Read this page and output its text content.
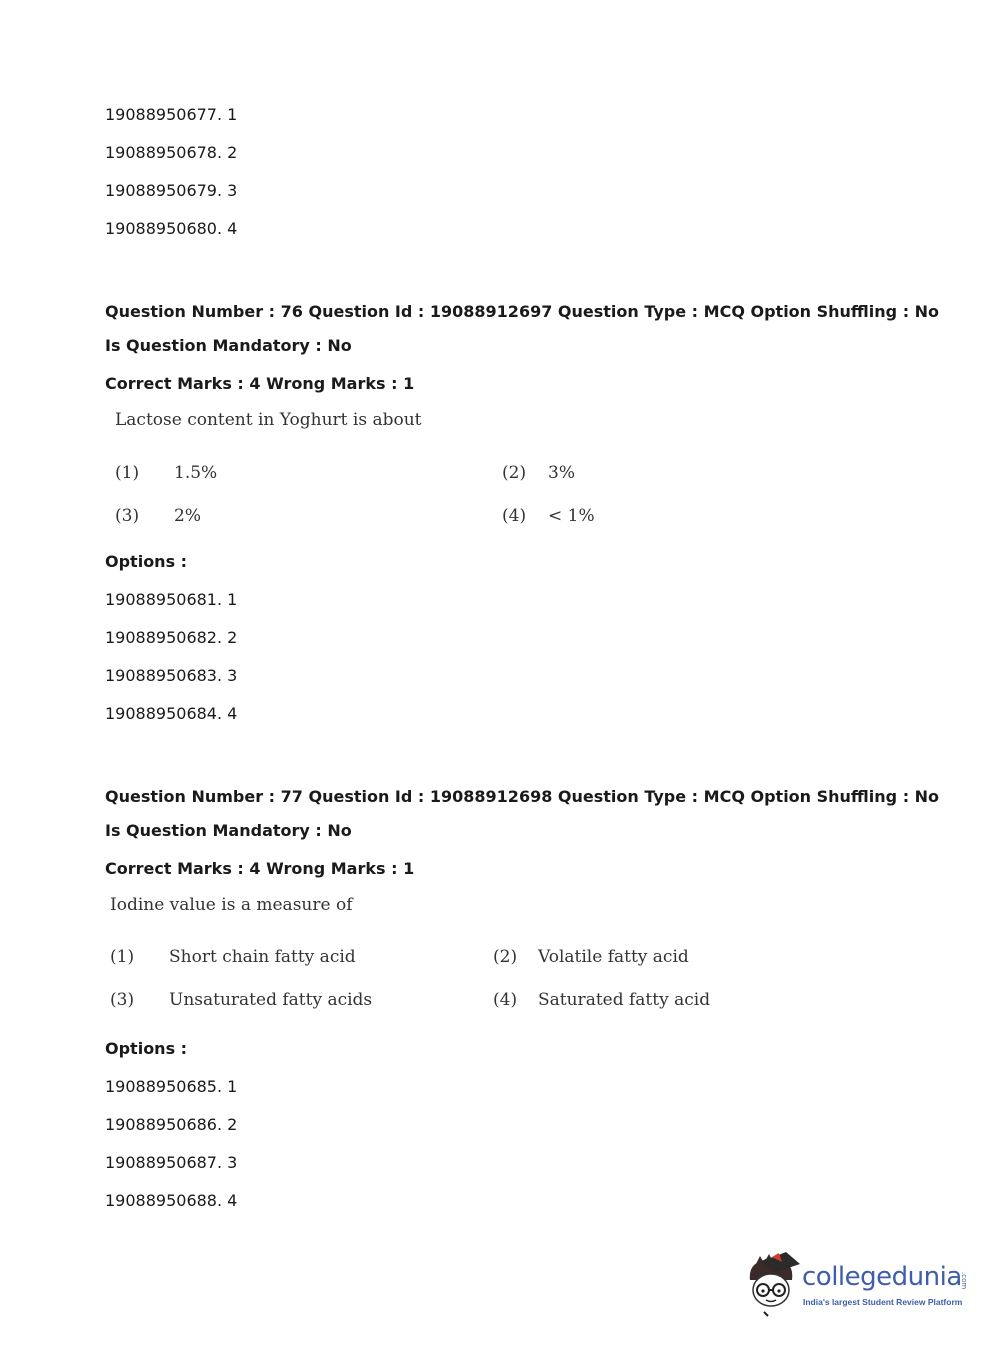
19088950677. 1
19088950678. 2
19088950679. 3
19088950680. 4
Question Number : 76 Question Id : 19088912697 Question Type : MCQ Option Shuffling : No
Is Question Mandatory : No
Correct Marks : 4 Wrong Marks : 1
Lactose content in Yoghurt is about
(1) 1.5%	(2) 3%
(3) 2%	(4) < 1%
Options :
19088950681. 1
19088950682. 2
19088950683. 3
19088950684. 4
Question Number : 77 Question Id : 19088912698 Question Type : MCQ Option Shuffling : No
Is Question Mandatory : No
Correct Marks : 4 Wrong Marks : 1
Iodine value is a measure of
(1) Short chain fatty acid	(2) Volatile fatty acid
(3) Unsaturated fatty acids	(4) Saturated fatty acid
Options :
19088950685. 1
19088950686. 2
19088950687. 3
19088950688. 4
collegedunia
.com
India's largest Student Review Platform
